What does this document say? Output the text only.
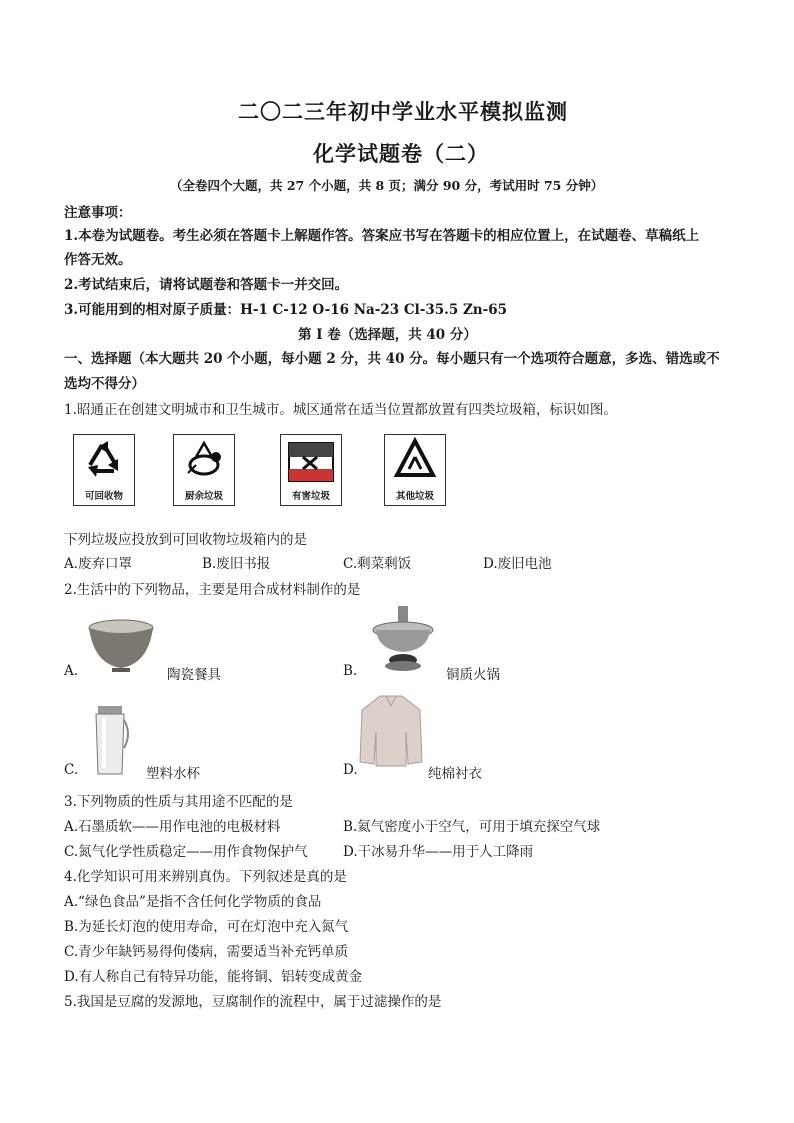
二〇二三年初中学业水平模拟监测
化学试题卷（二）
（全卷四个大题，共 27 个小题，共 8 页；满分 90 分，考试用时 75 分钟）
注意事项：
1.本卷为试题卷。考生必须在答题卡上解题作答。答案应书写在答题卡的相应位置上，在试题卷、草稿纸上
作答无效。
2.考试结束后，请将试题卷和答题卡一并交回。
3.可能用到的相对原子质量：H-1 C-12 O-16 Na-23 Cl-35.5 Zn-65
第 I 卷（选择题，共 40 分）
一、选择题（本大题共 20 个小题，每小题 2 分，共 40 分。每小题只有一个选项符合题意，多选、错选或不
选均不得分）
1.昭通正在创建文明城市和卫生城市。城区通常在适当位置都放置有四类垃圾箱，标识如图。
可回收物	厨余垃圾	有害垃圾	其他垃圾
下列垃圾应投放到可回收物垃圾箱内的是
A.废弃口罩	B.废旧书报	C.剩菜剩饭	D.废旧电池
2.生活中的下列物品，主要是用合成材料制作的是
A.	陶瓷餐具	B.	铜质火锅
C.	塑料水杯	D.	纯棉衬衣
3.下列物质的性质与其用途不匹配的是
A.石墨质软——用作电池的电极材料	B.氦气密度小于空气，可用于填充探空气球
C.氮气化学性质稳定——用作食物保护气	D.干冰易升华——用于人工降雨
4.化学知识可用来辨别真伪。下列叙述是真的是
A.“绿色食品”是指不含任何化学物质的食品
B.为延长灯泡的使用寿命，可在灯泡中充入氮气
C.青少年缺钙易得佝偻病，需要适当补充钙单质
D.有人称自己有特异功能，能将铜、铝转变成黄金
5.我国是豆腐的发源地，豆腐制作的流程中，属于过滤操作的是
